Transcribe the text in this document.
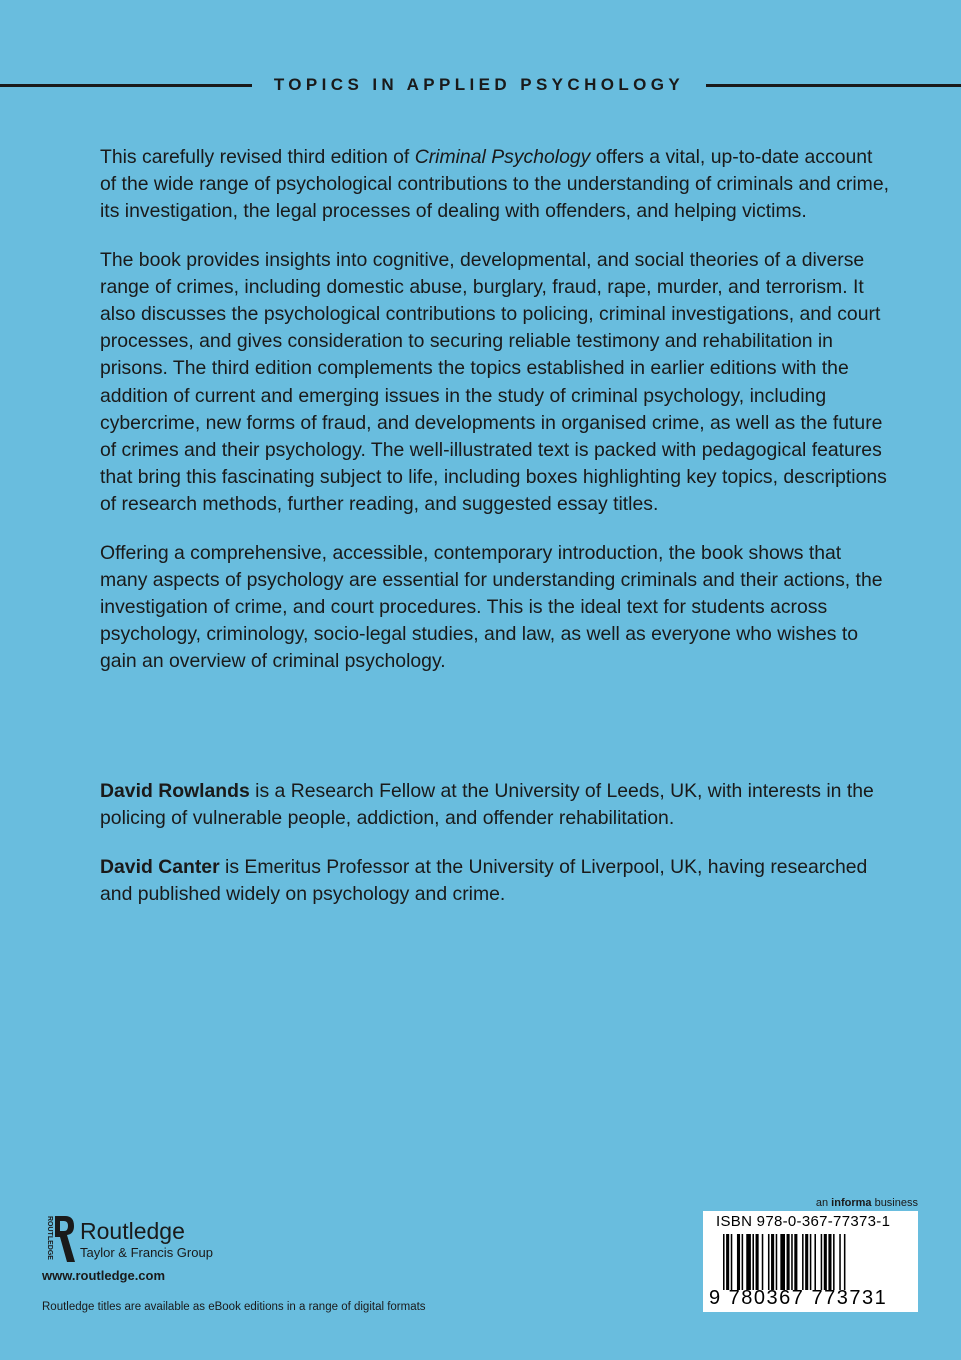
TOPICS IN APPLIED PSYCHOLOGY

This carefully revised third edition of Criminal Psychology offers a vital, up-to-date account of the wide range of psychological contributions to the understanding of criminals and crime, its investigation, the legal processes of dealing with offenders, and helping victims.

The book provides insights into cognitive, developmental, and social theories of a diverse range of crimes, including domestic abuse, burglary, fraud, rape, murder, and terrorism. It also discusses the psychological contributions to policing, criminal investigations, and court processes, and gives consideration to securing reliable testimony and rehabilitation in prisons. The third edition complements the topics established in earlier editions with the addition of current and emerging issues in the study of criminal psychology, including cybercrime, new forms of fraud, and developments in organised crime, as well as the future of crimes and their psychology. The well-illustrated text is packed with pedagogical features that bring this fascinating subject to life, including boxes highlighting key topics, descriptions of research methods, further reading, and suggested essay titles.

Offering a comprehensive, accessible, contemporary introduction, the book shows that many aspects of psychology are essential for understanding criminals and their actions, the investigation of crime, and court procedures. This is the ideal text for students across psychology, criminology, socio-legal studies, and law, as well as everyone who wishes to gain an overview of criminal psychology.

David Rowlands is a Research Fellow at the University of Leeds, UK, with interests in the policing of vulnerable people, addiction, and offender rehabilitation.

David Canter is Emeritus Professor at the University of Liverpool, UK, having researched and published widely on psychology and crime.

ROUTLEDGE Routledge
Taylor & Francis Group
www.routledge.com
Routledge titles are available as eBook editions in a range of digital formats
an informa business
ISBN 978-0-367-77373-1
9 780367 773731
